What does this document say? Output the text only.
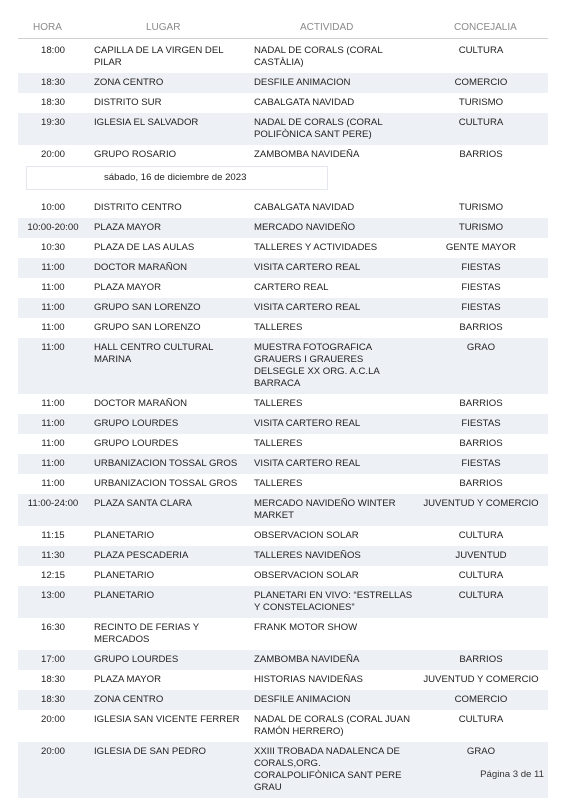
HORA	LUGAR	ACTIVIDAD	CONCEJALIA
18:00	CAPILLA DE LA VIRGEN DEL PILAR	NADAL DE CORALS (CORAL CASTÀLIA)	CULTURA
18:30	ZONA CENTRO	DESFILE ANIMACION	COMERCIO
18:30	DISTRITO SUR	CABALGATA NAVIDAD	TURISMO
19:30	IGLESIA EL SALVADOR	NADAL DE CORALS (CORAL POLIFÒNICA SANT PERE)	CULTURA
20:00	GRUPO ROSARIO	ZAMBOMBA NAVIDEÑA	BARRIOS
sábado, 16 de diciembre de 2023
10:00	DISTRITO CENTRO	CABALGATA NAVIDAD	TURISMO
10:00-20:00	PLAZA MAYOR	MERCADO NAVIDEÑO	TURISMO
10:30	PLAZA DE LAS AULAS	TALLERES Y ACTIVIDADES	GENTE MAYOR
11:00	DOCTOR MARAÑON	VISITA CARTERO REAL	FIESTAS
11:00	PLAZA MAYOR	CARTERO REAL	FIESTAS
11:00	GRUPO SAN LORENZO	VISITA CARTERO REAL	FIESTAS
11:00	GRUPO SAN LORENZO	TALLERES	BARRIOS
11:00	HALL CENTRO CULTURAL MARINA	MUESTRA FOTOGRAFICA GRAUERS I GRAUERES DELSEGLE XX ORG. A.C.LA BARRACA	GRAO
11:00	DOCTOR MARAÑON	TALLERES	BARRIOS
11:00	GRUPO LOURDES	VISITA CARTERO REAL	FIESTAS
11:00	GRUPO LOURDES	TALLERES	BARRIOS
11:00	URBANIZACION TOSSAL GROS	VISITA CARTERO REAL	FIESTAS
11:00	URBANIZACION TOSSAL GROS	TALLERES	BARRIOS
11:00-24:00	PLAZA SANTA CLARA	MERCADO NAVIDEÑO WINTER MARKET	JUVENTUD Y COMERCIO
11:15	PLANETARIO	OBSERVACION SOLAR	CULTURA
11:30	PLAZA PESCADERIA	TALLERES NAVIDEÑOS	JUVENTUD
12:15	PLANETARIO	OBSERVACION SOLAR	CULTURA
13:00	PLANETARIO	PLANETARI EN VIVO: “ESTRELLAS Y CONSTELACIONES”	CULTURA
16:30	RECINTO DE FERIAS Y MERCADOS	FRANK MOTOR SHOW	
17:00	GRUPO LOURDES	ZAMBOMBA NAVIDEÑA	BARRIOS
18:30	PLAZA MAYOR	HISTORIAS NAVIDEÑAS	JUVENTUD Y COMERCIO
18:30	ZONA CENTRO	DESFILE ANIMACION	COMERCIO
20:00	IGLESIA SAN VICENTE FERRER	NADAL DE CORALS (CORAL JUAN RAMÓN HERRERO)	CULTURA
20:00	IGLESIA DE SAN PEDRO	XXIII TROBADA NADALENCA DE CORALS,ORG. CORALPOLIFÒNICA SANT PERE GRAU	GRAO
Página 3 de 11
